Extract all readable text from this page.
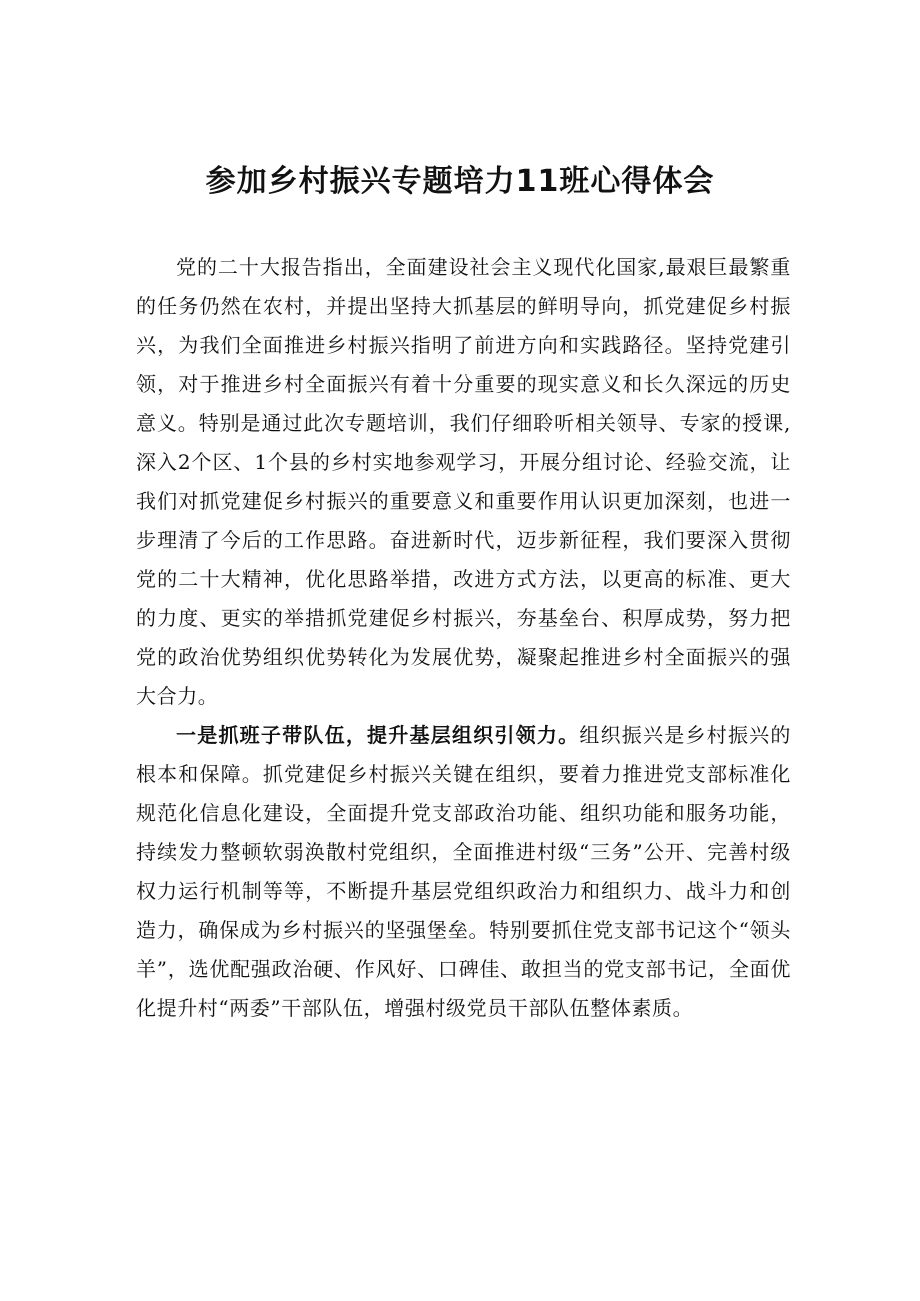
参加乡村振兴专题培力11班心得体会

党的二十大报告指出，全面建设社会主义现代化国家,最艰巨最繁重的任务仍然在农村，并提出坚持大抓基层的鲜明导向，抓党建促乡村振兴，为我们全面推进乡村振兴指明了前进方向和实践路径。坚持党建引领，对于推进乡村全面振兴有着十分重要的现实意义和长久深远的历史意义。特别是通过此次专题培训，我们仔细聆听相关领导、专家的授课,深入2个区、1个县的乡村实地参观学习，开展分组讨论、经验交流，让我们对抓党建促乡村振兴的重要意义和重要作用认识更加深刻，也进一步理清了今后的工作思路。奋进新时代，迈步新征程，我们要深入贯彻党的二十大精神，优化思路举措，改进方式方法，以更高的标准、更大的力度、更实的举措抓党建促乡村振兴，夯基垒台、积厚成势，努力把党的政治优势组织优势转化为发展优势，凝聚起推进乡村全面振兴的强大合力。

一是抓班子带队伍，提升基层组织引领力。组织振兴是乡村振兴的根本和保障。抓党建促乡村振兴关键在组织，要着力推进党支部标准化规范化信息化建设，全面提升党支部政治功能、组织功能和服务功能，持续发力整顿软弱涣散村党组织，全面推进村级“三务”公开、完善村级权力运行机制等等，不断提升基层党组织政治力和组织力、战斗力和创造力，确保成为乡村振兴的坚强堡垒。特别要抓住党支部书记这个“领头羊”，选优配强政治硬、作风好、口碑佳、敢担当的党支部书记，全面优化提升村“两委”干部队伍，增强村级党员干部队伍整体素质。
